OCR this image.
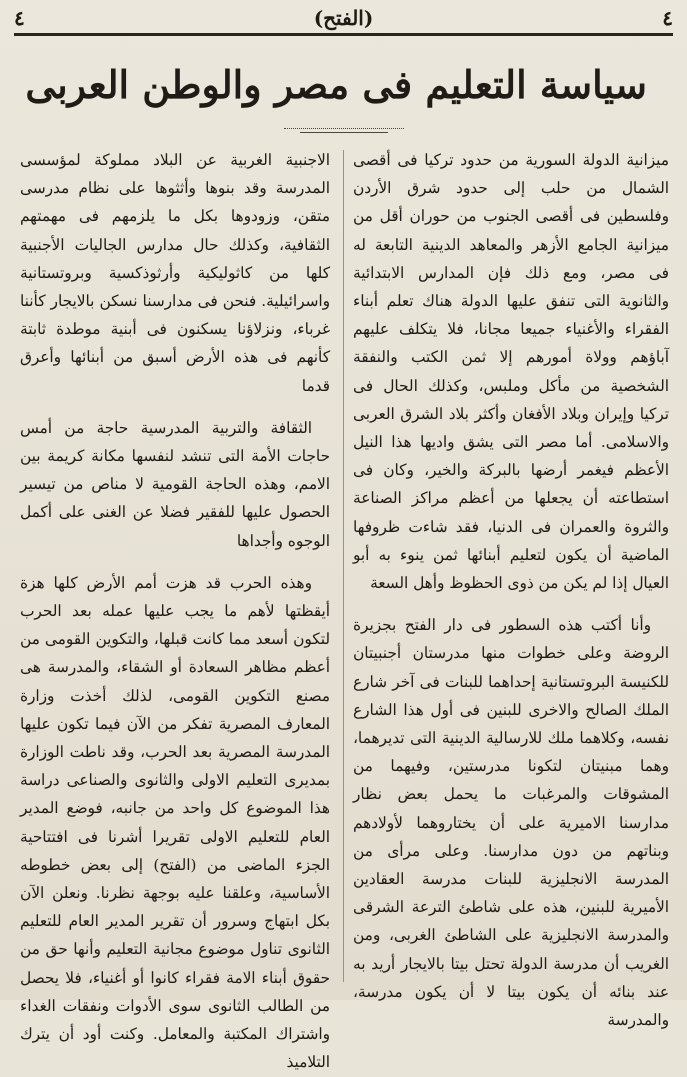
٤
(الفتح)
٤
سياسة التعليم فى مصر والوطن العربى

ميزانية الدولة السورية من حدود تركيا فى أقصى الشمال من حلب إلى حدود شرق الأردن وفلسطين فى أقصى الجنوب من حوران أقل من ميزانية الجامع الأزهر والمعاهد الدينية التابعة له فى مصر، ومع ذلك فإن المدارس الابتدائية والثانوية التى تنفق عليها الدولة هناك تعلم أبناء الفقراء والأغنياء جميعا مجانا، فلا يتكلف عليهم آباؤهم وولاة أمورهم إلا ثمن الكتب والنفقة الشخصية من مأكل وملبس، وكذلك الحال فى تركيا وإيران وبلاد الأفغان وأكثر بلاد الشرق العربى والاسلامى. أما مصر التى يشق واديها هذا النيل الأعظم فيغمر أرضها بالبركة والخير، وكان فى استطاعته أن يجعلها من أعظم مراكز الصناعة والثروة والعمران فى الدنيا، فقد شاءت ظروفها الماضية أن يكون لتعليم أبنائها ثمن ينوء به أبو العيال إذا لم يكن من ذوى الحظوظ وأهل السعة

وأنا أكتب هذه السطور فى دار الفتح بجزيرة الروضة وعلى خطوات منها مدرستان أجنبيتان للكنيسة البروتستانية إحداهما للبنات فى آخر شارع الملك الصالح والاخرى للبنين فى أول هذا الشارع نفسه، وكلاهما ملك للارسالية الدينية التى تديرهما، وهما مبنيتان لتكونا مدرستين، وفيهما من المشوقات والمرغبات ما يحمل بعض نظار مدارسنا الاميرية على أن يختاروهما لأولادهم وبناتهم من دون مدارسنا. وعلى مرأى من المدرسة الانجليزية للبنات مدرسة العقادين الأميرية للبنين، هذه على شاطئ الترعة الشرقى والمدرسة الانجليزية على الشاطئ الغربى، ومن الغريب أن مدرسة الدولة تحتل بيتا بالايجار أريد به عند بنائه أن يكون بيتا لا أن يكون مدرسة، والمدرسة

الاجنبية الغربية عن البلاد مملوكة لمؤسسى المدرسة وقد بنوها وأثثوها على نظام مدرسى متقن، وزودوها بكل ما يلزمهم فى مهمتهم الثقافية، وكذلك حال مدارس الجاليات الأجنبية كلها من كاثوليكية وأرثوذكسية وبروتستانية واسرائيلية. فنحن فى مدارسنا نسكن بالايجار كأننا غرباء، ونزلاؤنا يسكنون فى أبنية موطدة ثابتة كأنهم فى هذه الأرض أسبق من أبنائها وأعرق قدما

الثقافة والتربية المدرسية حاجة من أمس حاجات الأمة التى تنشد لنفسها مكانة كريمة بين الامم، وهذه الحاجة القومية لا مناص من تيسير الحصول عليها للفقير فضلا عن الغنى على أكمل الوجوه وأجداها

وهذه الحرب قد هزت أمم الأرض كلها هزة أيقظتها لأهم ما يجب عليها عمله بعد الحرب لتكون أسعد مما كانت قبلها، والتكوين القومى من أعظم مظاهر السعادة أو الشقاء، والمدرسة هى مصنع التكوين القومى، لذلك أخذت وزارة المعارف المصرية تفكر من الآن فيما تكون عليها المدرسة المصرية بعد الحرب، وقد ناطت الوزارة بمديرى التعليم الاولى والثانوى والصناعى دراسة هذا الموضوع كل واحد من جانبه، فوضع المدير العام للتعليم الاولى تقريرا أشرنا فى افتتاحية الجزء الماضى من (الفتح) إلى بعض خطوطه الأساسية، وعلقنا عليه بوجهة نظرنا. ونعلن الآن بكل ابتهاج وسرور أن تقرير المدير العام للتعليم الثانوى تناول موضوع مجانية التعليم وأنها حق من حقوق أبناء الامة فقراء كانوا أو أغنياء، فلا يحصل من الطالب الثانوى سوى الأدوات ونفقات الغداء واشتراك المكتبة والمعامل. وكنت أود أن يترك التلاميذ
